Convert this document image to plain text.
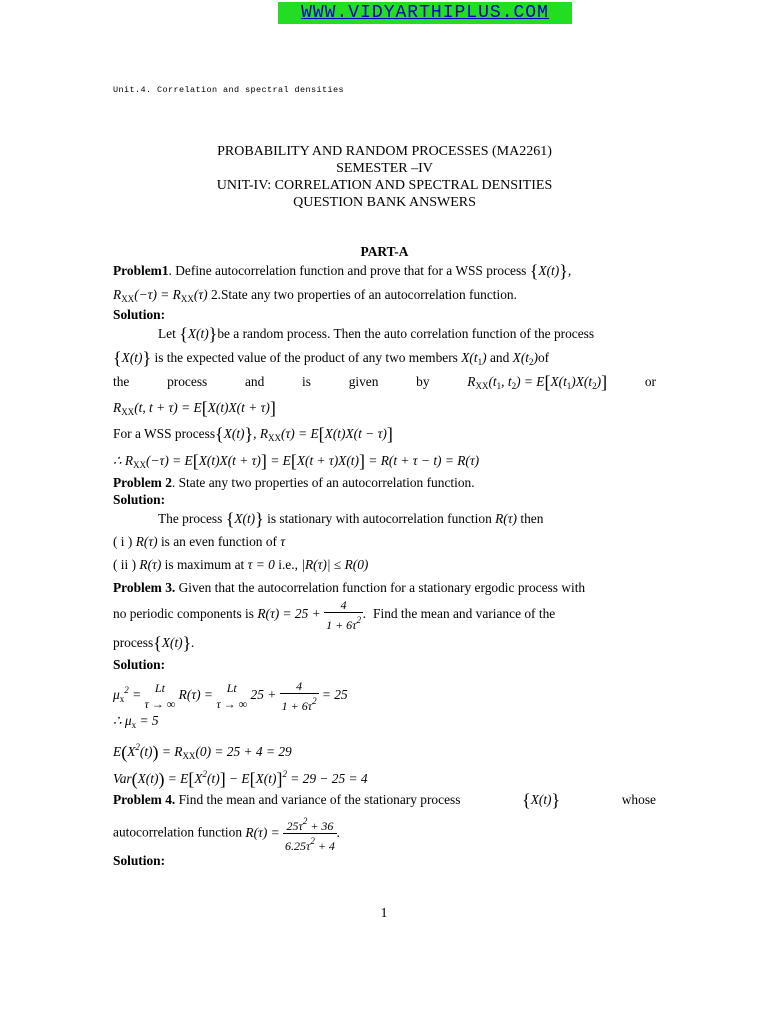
WWW.VIDYARTHIPLUS.COM
Unit.4. Correlation and spectral densities
PROBABILITY AND RANDOM PROCESSES (MA2261)
SEMESTER –IV
UNIT-IV: CORRELATION AND SPECTRAL DENSITIES
QUESTION BANK ANSWERS
PART-A
Problem1. Define autocorrelation function and prove that for a WSS process {X(t)},
$R_{XX}(-\tau) = R_{XX}(\tau)$ 2.State any two properties of an autocorrelation function.
Solution:
Let {X(t)}be a random process. Then the auto correlation function of the process
{X(t)} is the expected value of the product of any two members $X(t_1)$ and $X(t_2)of$
the	process	and	is	given	by	$R_{XX}(t_1$, $t_2) = E[X(t_1)X(t_2)]$	or
$R_{XX}(t$, t + τ) = E[X(t)X(t + τ)]
For a WSS process{X(t)}, $R_{XX}(\tau) = E[X(t)X(t - \tau)]$
∴ $R_{XX}(-\tau) = E[X(t)X(t + \tau)] = E[X(t + \tau)X(t)] = R(t + \tau - t) = R(\tau)$
Problem 2. State any two properties of an autocorrelation function.
Solution:
The process {X(t)} is stationary with autocorrelation function R(τ) then
( i ) R(τ) is an even function of τ
( ii ) R(τ) is maximum at τ = 0 i.e., |R(τ)| ≤ R(0)
Problem 3. Given that the autocorrelation function for a stationary ergodic process with
no periodic components is $R(\tau) = 25 + \frac{4}{1 + 6\tau^2}$ . Find the mean and variance of the
process{X(t)}.
Solution:
$\mu_x^2 = Lt$
τ → ∞
R(τ) = Lt
τ → ∞
$25 + \frac{4}{1 + 6\tau^2} = 25$
∴ $\mu_x = 5$
$E(X^2(t)) = R_{XX}(0) = 25 + 4 = 29$
$Var(X(t)) = E[X^2(t)] - E[X(t)]^2 = 29 - 25 = 4$
Problem 4. Find the mean and variance of the stationary process	{X(t)}	whose
autocorrelation function $R(\tau) = \frac{25\tau^2 + 36}{6.25\tau^2 + 4}$ .
Solution:
1
